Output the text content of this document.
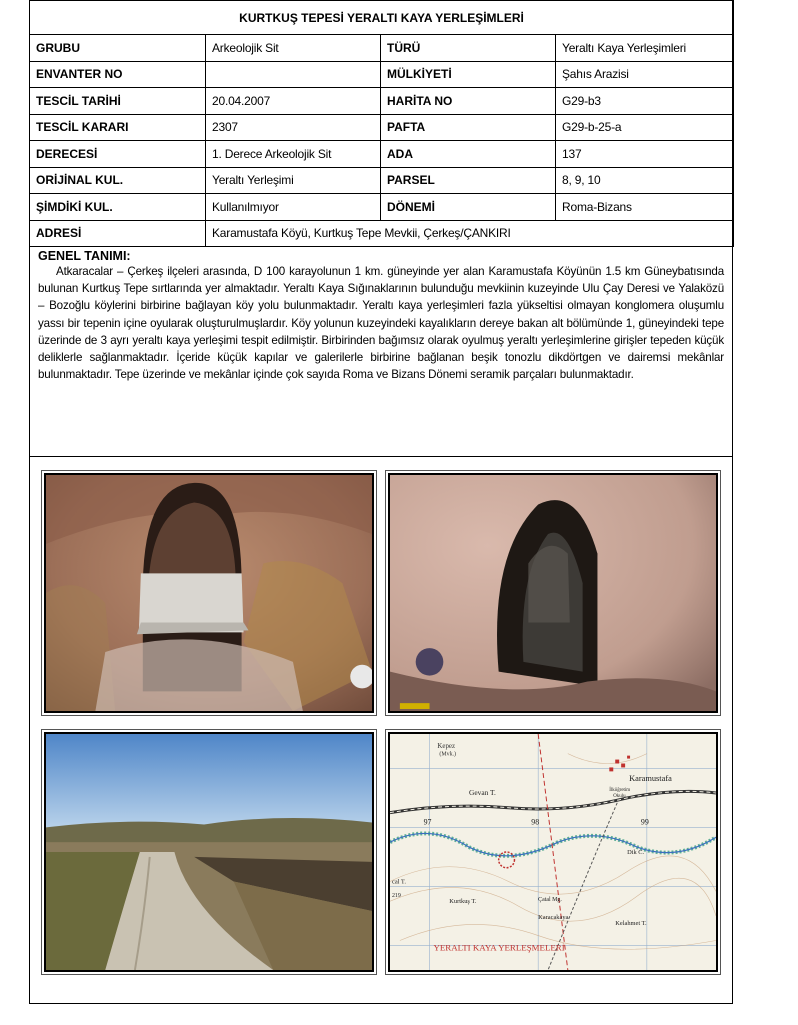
KURTKUŞ TEPESİ YERALTI KAYA YERLEŞİMLERİ			
GRUBU	Arkeolojik Sit	TÜRÜ	Yeraltı Kaya Yerleşimleri
ENVANTER NO		MÜLKİYETİ	Şahıs Arazisi
TESCİL TARİHİ	20.04.2007	HARİTA NO	G29-b3
TESCİL KARARI	2307	PAFTA	G29-b-25-a
DERECESİ	1. Derece Arkeolojik Sit	ADA	137
ORİJİNAL KUL.	Yeraltı Yerleşimi	PARSEL	8, 9, 10
ŞİMDİKİ KUL.	Kullanılmıyor	DÖNEMİ	Roma-Bizans
ADRESİ	Karamustafa Köyü, Kurtkuş Tepe Mevkii, Çerkeş/ÇANKIRI		
GENEL TANIMI:
Atkaracalar – Çerkeş ilçeleri arasında, D 100 karayolunun 1 km. güneyinde yer alan Karamustafa Köyünün 1.5 km Güneybatısında bulunan Kurtkuş Tepe sırtlarında yer almaktadır. Yeraltı Kaya Sığınaklarının bulunduğu mevkiinin kuzeyinde Ulu Çay Deresi ve Yalaközü – Bozoğlu köylerini birbirine bağlayan köy yolu bulunmaktadır. Yeraltı kaya yerleşimleri fazla yükseltisi olmayan konglomera oluşumlu yassı bir tepenin içine oyularak oluşturulmuşlardır. Köy yolunun kuzeyindeki kayalıkların dereye bakan alt bölümünde 1, güneyindeki tepe üzerinde de 3 ayrı yeraltı kaya yerleşimi tespit edilmiştir. Birbirinden bağımsız olarak oyulmuş yeraltı yerleşimlerine girişler tepeden küçük deliklerle sağlanmaktadır. İçeride küçük kapılar ve galerilerle birbirine bağlanan beşik tonozlu dikdörtgen ve dairemsi mekânlar bulunmaktadır. Tepe üzerinde ve mekânlar içinde çok sayıda Roma ve Bizans Dönemi seramik parçaları bulunmaktadır.
Kepez
(Mvk.)
Gevan T.
Karamustafa
İlköğretim
Okulu
97	98	99
Dik C.
cal T.
219
Kurtkuş T.	Çatal Mg.
Karacakaya
Kelahmet T.
YERALTI KAYA YERLEŞMELERİ
